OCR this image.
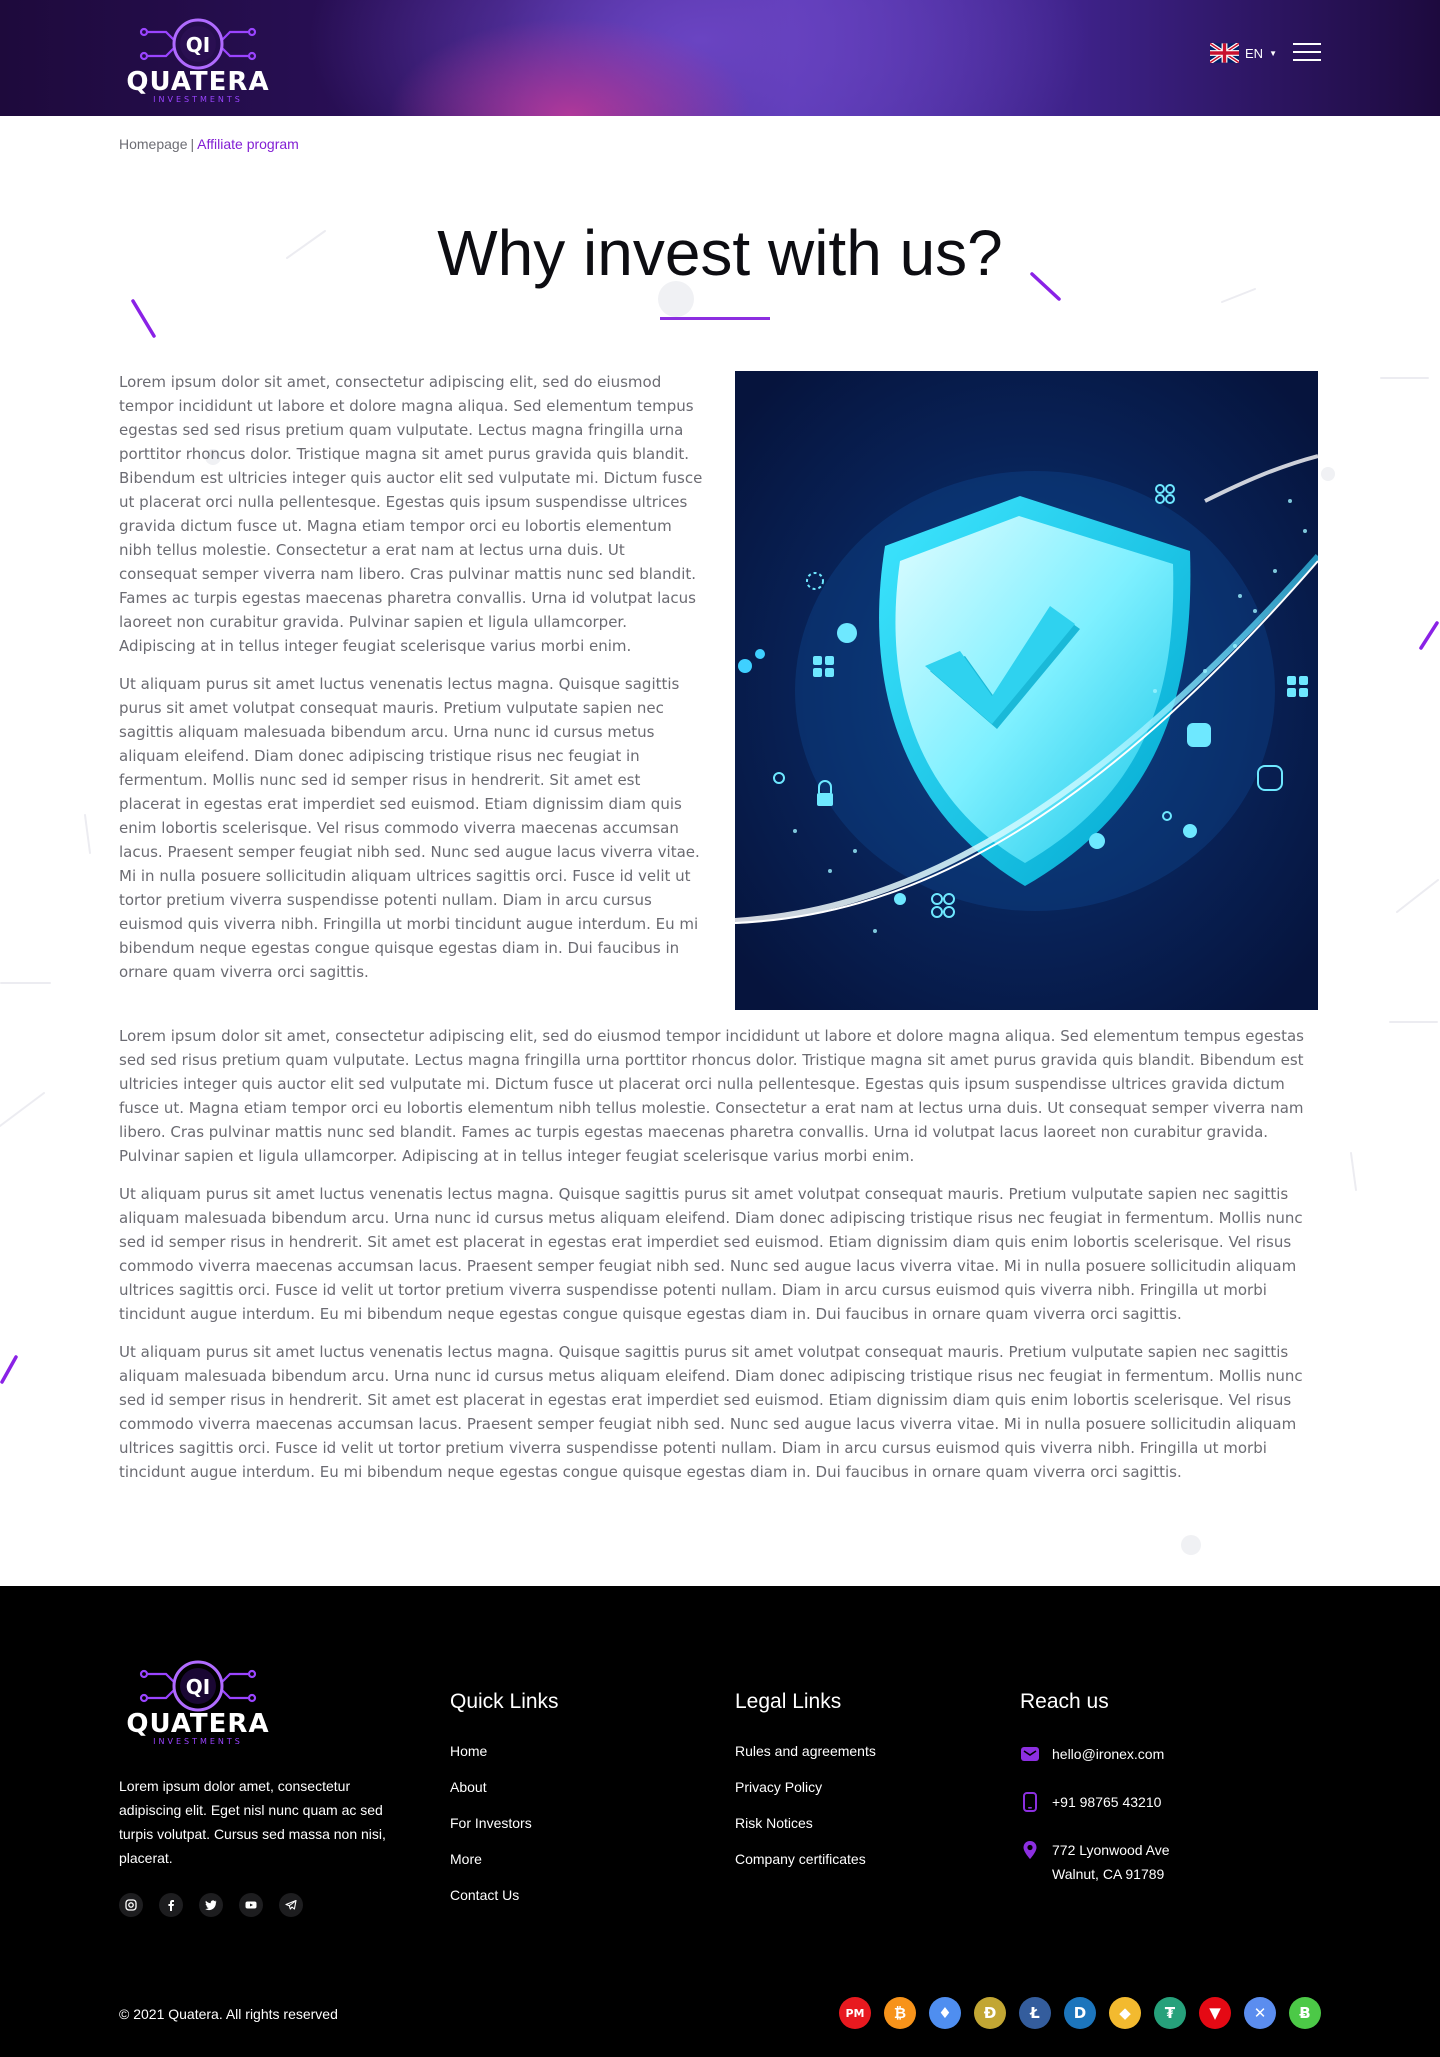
QI
QUATERA
INVESTMENTS
EN ▼
Homepage | Affiliate program
Why invest with us?

Lorem ipsum dolor sit amet, consectetur adipiscing elit, sed do eiusmod tempor incididunt ut labore et dolore magna aliqua. Sed elementum tempus egestas sed sed risus pretium quam vulputate. Lectus magna fringilla urna porttitor rhoncus dolor. Tristique magna sit amet purus gravida quis blandit. Bibendum est ultricies integer quis auctor elit sed vulputate mi. Dictum fusce ut placerat orci nulla pellentesque. Egestas quis ipsum suspendisse ultrices gravida dictum fusce ut. Magna etiam tempor orci eu lobortis elementum nibh tellus molestie. Consectetur a erat nam at lectus urna duis. Ut consequat semper viverra nam libero. Cras pulvinar mattis nunc sed blandit. Fames ac turpis egestas maecenas pharetra convallis. Urna id volutpat lacus laoreet non curabitur gravida. Pulvinar sapien et ligula ullamcorper. Adipiscing at in tellus integer feugiat scelerisque varius morbi enim.

Ut aliquam purus sit amet luctus venenatis lectus magna. Quisque sagittis purus sit amet volutpat consequat mauris. Pretium vulputate sapien nec sagittis aliquam malesuada bibendum arcu. Urna nunc id cursus metus aliquam eleifend. Diam donec adipiscing tristique risus nec feugiat in fermentum. Mollis nunc sed id semper risus in hendrerit. Sit amet est placerat in egestas erat imperdiet sed euismod. Etiam dignissim diam quis enim lobortis scelerisque. Vel risus commodo viverra maecenas accumsan lacus. Praesent semper feugiat nibh sed. Nunc sed augue lacus viverra vitae. Mi in nulla posuere sollicitudin aliquam ultrices sagittis orci. Fusce id velit ut tortor pretium viverra suspendisse potenti nullam. Diam in arcu cursus euismod quis viverra nibh. Fringilla ut morbi tincidunt augue interdum. Eu mi bibendum neque egestas congue quisque egestas diam in. Dui faucibus in ornare quam viverra orci sagittis.

Lorem ipsum dolor sit amet, consectetur adipiscing elit, sed do eiusmod tempor incididunt ut labore et dolore magna aliqua. Sed elementum tempus egestas sed sed risus pretium quam vulputate. Lectus magna fringilla urna porttitor rhoncus dolor. Tristique magna sit amet purus gravida quis blandit. Bibendum est ultricies integer quis auctor elit sed vulputate mi. Dictum fusce ut placerat orci nulla pellentesque. Egestas quis ipsum suspendisse ultrices gravida dictum fusce ut. Magna etiam tempor orci eu lobortis elementum nibh tellus molestie. Consectetur a erat nam at lectus urna duis. Ut consequat semper viverra nam libero. Cras pulvinar mattis nunc sed blandit. Fames ac turpis egestas maecenas pharetra convallis. Urna id volutpat lacus laoreet non curabitur gravida. Pulvinar sapien et ligula ullamcorper. Adipiscing at in tellus integer feugiat scelerisque varius morbi enim.

Ut aliquam purus sit amet luctus venenatis lectus magna. Quisque sagittis purus sit amet volutpat consequat mauris. Pretium vulputate sapien nec sagittis aliquam malesuada bibendum arcu. Urna nunc id cursus metus aliquam eleifend. Diam donec adipiscing tristique risus nec feugiat in fermentum. Mollis nunc sed id semper risus in hendrerit. Sit amet est placerat in egestas erat imperdiet sed euismod. Etiam dignissim diam quis enim lobortis scelerisque. Vel risus commodo viverra maecenas accumsan lacus. Praesent semper feugiat nibh sed. Nunc sed augue lacus viverra vitae. Mi in nulla posuere sollicitudin aliquam ultrices sagittis orci. Fusce id velit ut tortor pretium viverra suspendisse potenti nullam. Diam in arcu cursus euismod quis viverra nibh. Fringilla ut morbi tincidunt augue interdum. Eu mi bibendum neque egestas congue quisque egestas diam in. Dui faucibus in ornare quam viverra orci sagittis.

Ut aliquam purus sit amet luctus venenatis lectus magna. Quisque sagittis purus sit amet volutpat consequat mauris. Pretium vulputate sapien nec sagittis aliquam malesuada bibendum arcu. Urna nunc id cursus metus aliquam eleifend. Diam donec adipiscing tristique risus nec feugiat in fermentum. Mollis nunc sed id semper risus in hendrerit. Sit amet est placerat in egestas erat imperdiet sed euismod. Etiam dignissim diam quis enim lobortis scelerisque. Vel risus commodo viverra maecenas accumsan lacus. Praesent semper feugiat nibh sed. Nunc sed augue lacus viverra vitae. Mi in nulla posuere sollicitudin aliquam ultrices sagittis orci. Fusce id velit ut tortor pretium viverra suspendisse potenti nullam. Diam in arcu cursus euismod quis viverra nibh. Fringilla ut morbi tincidunt augue interdum. Eu mi bibendum neque egestas congue quisque egestas diam in. Dui faucibus in ornare quam viverra orci sagittis.

QI
QUATERA
INVESTMENTS

Lorem ipsum dolor amet, consectetur adipiscing elit. Eget nisl nunc quam ac sed turpis volutpat. Cursus sed massa non nisi, placerat.

Quick Links
Home
About
For Investors
More
Contact Us
Legal Links
Rules and agreements
Privacy Policy
Risk Notices
Company certificates
Reach us
hello@ironex.com
+91 98765 43210
772 Lyonwood Ave
Walnut, CA 91789

© 2021 Quatera. All rights reserved	PM	₿	♦	Ð	Ł	D	◆	₮	▼	✕	Ƀ
